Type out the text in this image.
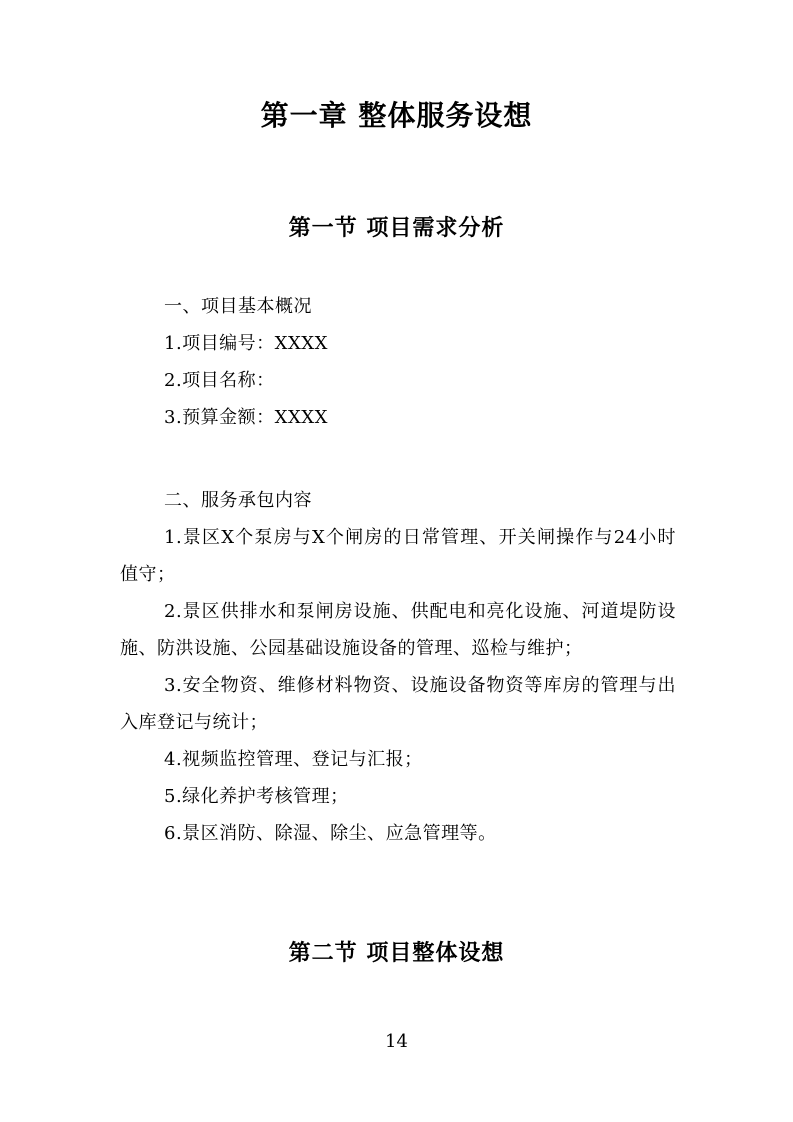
第一章 整体服务设想
第一节 项目需求分析

一、项目基本概况

1.项目编号：XXXX

2.项目名称：

3.预算金额：XXXX

二、服务承包内容

1.景区X个泵房与X个闸房的日常管理、开关闸操作与24小时值守；

2.景区供排水和泵闸房设施、供配电和亮化设施、河道堤防设施、防洪设施、公园基础设施设备的管理、巡检与维护；

3.安全物资、维修材料物资、设施设备物资等库房的管理与出入库登记与统计；

4.视频监控管理、登记与汇报；

5.绿化养护考核管理；

6.景区消防、除湿、除尘、应急管理等。

第二节 项目整体设想
14
